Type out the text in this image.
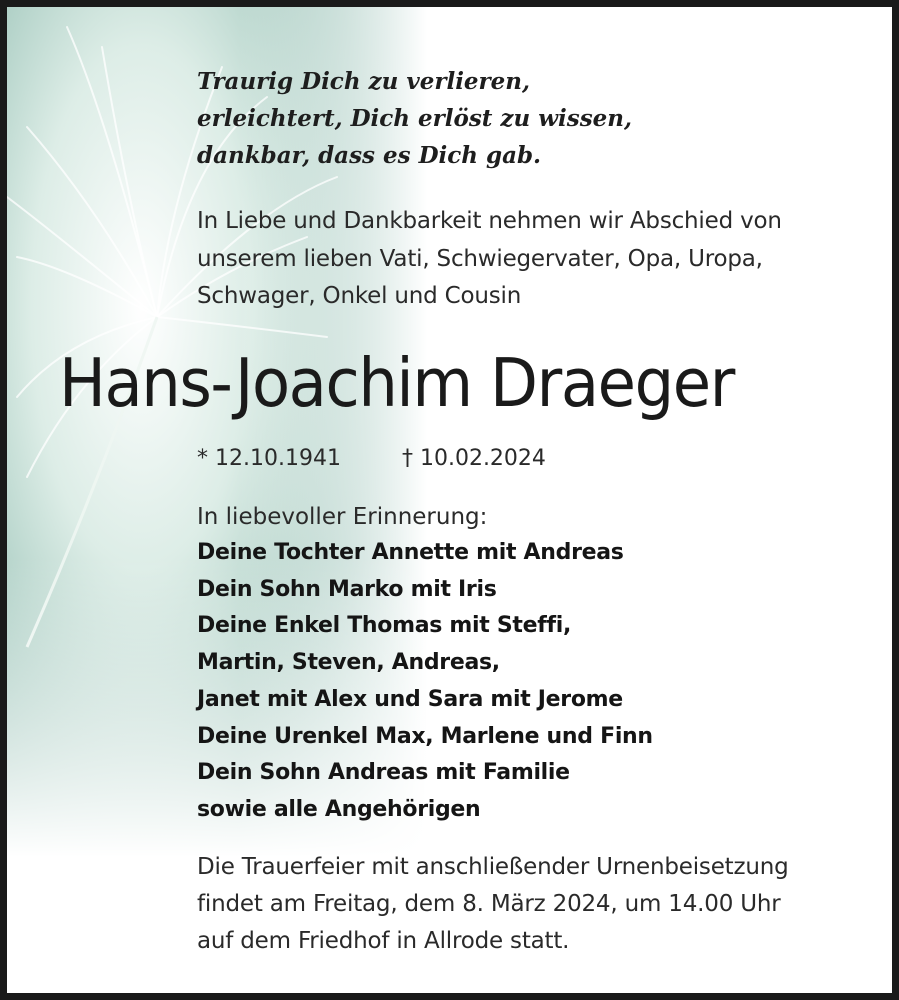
Traurig Dich zu verlieren,
erleichtert, Dich erlöst zu wissen,
dankbar, dass es Dich gab.
In Liebe und Dankbarkeit nehmen wir Abschied von
unserem lieben Vati, Schwiegervater, Opa, Uropa,
Schwager, Onkel und Cousin
Hans-Joachim Draeger
* 12.10.1941	† 10.02.2024
In liebevoller Erinnerung:
Deine Tochter Annette mit Andreas
Dein Sohn Marko mit Iris
Deine Enkel Thomas mit Steffi,
Martin, Steven, Andreas,
Janet mit Alex und Sara mit Jerome
Deine Urenkel Max, Marlene und Finn
Dein Sohn Andreas mit Familie
sowie alle Angehörigen
Die Trauerfeier mit anschließender Urnenbeisetzung
findet am Freitag, dem 8. März 2024, um 14.00 Uhr
auf dem Friedhof in Allrode statt.
